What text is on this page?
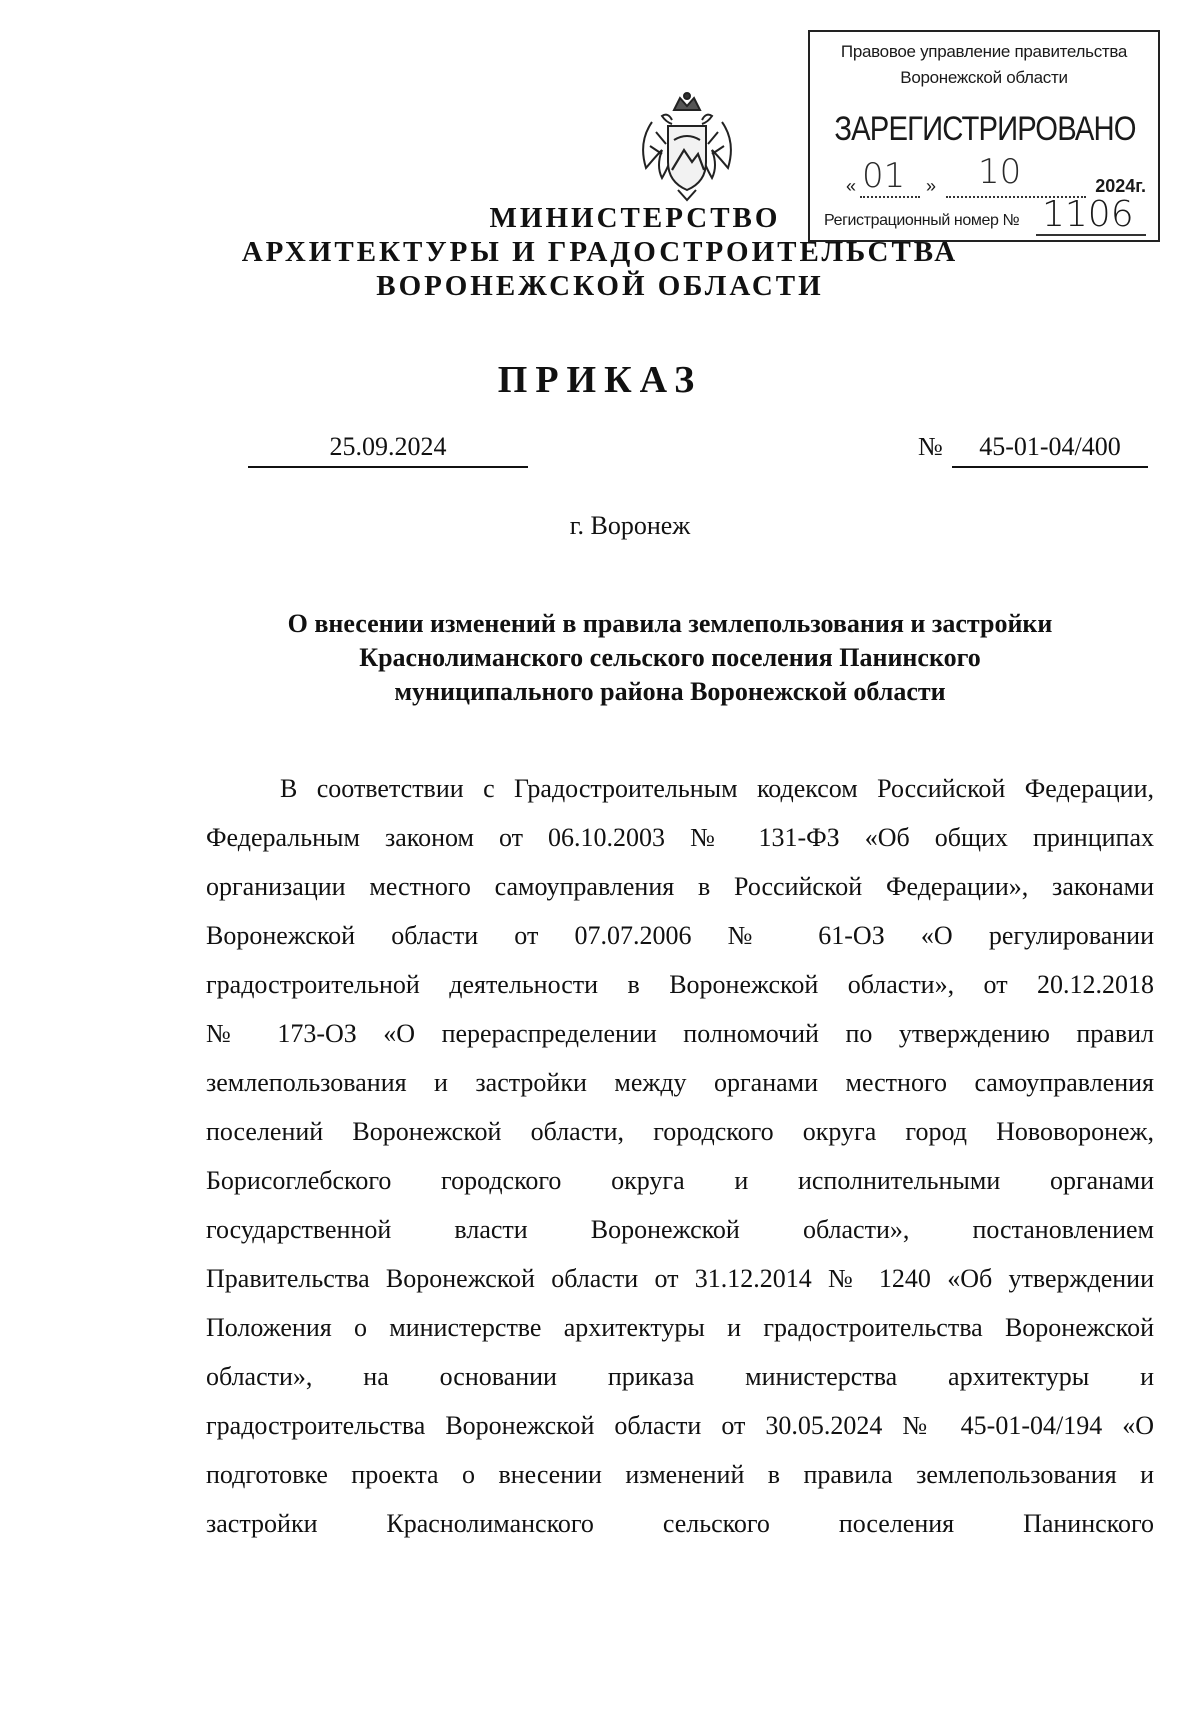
Правовое управление правительства
Воронежской области
ЗАРЕГИСТРИРОВАНО
« 01 » 10	2024г.
Регистрационный номер № 1106
МИНИСТЕРСТВО
АРХИТЕКТУРЫ И ГРАДОСТРОИТЕЛЬСТВА
ВОРОНЕЖСКОЙ ОБЛАСТИ
ПРИКАЗ
25.09.2024	№	45-01-04/400
г. Воронеж
О внесении изменений в правила землепользования и застройки
Краснолиманского сельского поселения Панинского
муниципального района Воронежской области
В соответствии с Градостроительным кодексом Российской Федерации,
Федеральным законом от 06.10.2003 № 131-ФЗ «Об общих принципах
организации местного самоуправления в Российской Федерации», законами
Воронежской области от 07.07.2006 № 61-ОЗ «О регулировании
градостроительной деятельности в Воронежской области», от 20.12.2018
№ 173-ОЗ «О перераспределении полномочий по утверждению правил
землепользования и застройки между органами местного самоуправления
поселений Воронежской области, городского округа город Нововоронеж,
Борисоглебского городского округа и исполнительными органами
государственной власти Воронежской области», постановлением
Правительства Воронежской области от 31.12.2014 № 1240 «Об утверждении
Положения о министерстве архитектуры и градостроительства Воронежской
области», на основании приказа министерства архитектуры и
градостроительства Воронежской области от 30.05.2024 № 45-01-04/194 «О
подготовке проекта о внесении изменений в правила землепользования и
застройки Краснолиманского сельского поселения Панинского
